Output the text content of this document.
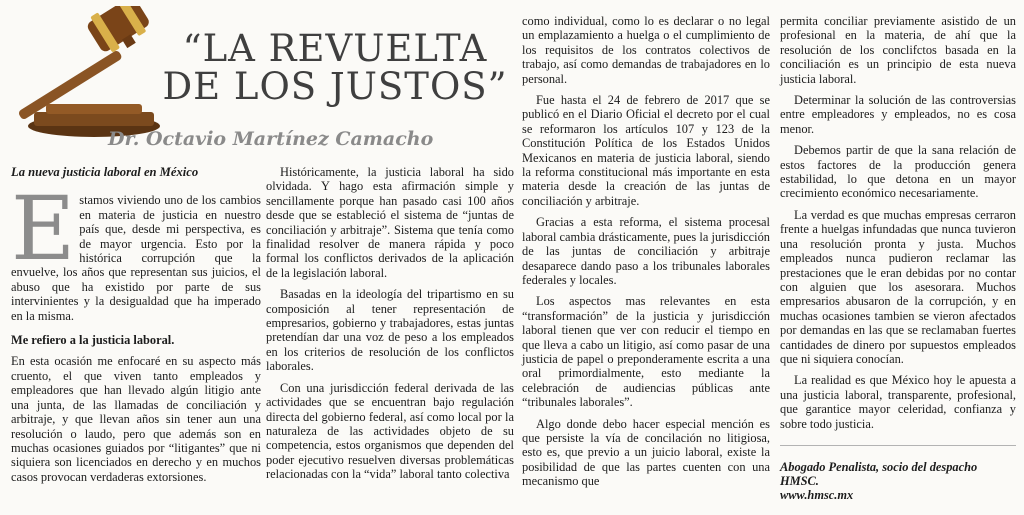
“LA REVUELTA
DE LOS JUSTOS”
Dr. Octavio Martínez Camacho
La nueva justicia laboral en México

Estamos viviendo uno de los cambios en materia de justicia en nuestro país que, desde mi perspectiva, es de mayor urgencia. Esto por la histórica corrupción que la envuelve, los años que representan sus juicios, el abuso que ha existido por parte de sus intervinientes y la desigualdad que ha imperado en la misma.

Me refiero a la justicia laboral.

En esta ocasión me enfocaré en su aspecto más cruento, el que viven tanto empleados y empleadores que han llevado algún litigio ante una junta, de las llamadas de conciliación y arbitraje, y que llevan años sin tener aun una resolución o laudo, pero que además son en muchas ocasiones guiados por “litigantes” que ni siquiera son licenciados en derecho y en muchos casos provocan verdaderas extorsiones.

Históricamente, la justicia laboral ha sido olvidada. Y hago esta afirmación simple y sencillamente porque han pasado casi 100 años desde que se estableció el sistema de “juntas de conciliación y arbitraje”. Sistema que tenía como finalidad resolver de manera rápida y poco formal los conflictos derivados de la aplicación de la legislación laboral.

Basadas en la ideología del tripartismo en su composición al tener representación de empresarios, gobierno y trabajadores, estas juntas pretendían dar una voz de peso a los empleados en los criterios de resolución de los conflictos laborales.

Con una jurisdicción federal derivada de las actividades que se encuentran bajo regulación directa del gobierno federal, así como local por la naturaleza de las actividades objeto de su competencia, estos organismos que dependen del poder ejecutivo resuelven diversas problemáticas relacionadas con la “vida” laboral tanto colectiva

como individual, como lo es declarar o no legal un emplazamiento a huelga o el cumplimiento de los requisitos de los contratos colectivos de trabajo, así como demandas de trabajadores en lo personal.

Fue hasta el 24 de febrero de 2017 que se publicó en el Diario Oficial el decreto por el cual se reformaron los artículos 107 y 123 de la Constitución Política de los Estados Unidos Mexicanos en materia de justicia laboral, siendo la reforma constitucional más importante en esta materia desde la creación de las juntas de conciliación y arbitraje.

Gracias a esta reforma, el sistema procesal laboral cambia drásticamente, pues la jurisdicción de las juntas de conciliación y arbitraje desaparece dando paso a los tribunales laborales federales y locales.

Los aspectos mas relevantes en esta “transformación” de la justicia y jurisdicción laboral tienen que ver con reducir el tiempo en que lleva a cabo un litigio, así como pasar de una justicia de papel o preponderamente escrita a una oral primordialmente, esto mediante la celebración de audiencias públicas ante “tribunales laborales”.

Algo donde debo hacer especial mención es que persiste la vía de concilación no litigiosa, esto es, que previo a un juicio laboral, existe la posibilidad de que las partes cuenten con una mecanismo que

permita conciliar previamente asistido de un profesional en la materia, de ahí que la resolución de los conclifctos basada en la conciliación es un principio de esta nueva justicia laboral.

Determinar la solución de las controversias entre empleadores y empleados, no es cosa menor.

Debemos partir de que la sana relación de estos factores de la producción genera estabilidad, lo que detona en un mayor crecimiento económico necesariamente.

La verdad es que muchas empresas cerraron frente a huelgas infundadas que nunca tuvieron una resolución pronta y justa. Muchos empleados nunca pudieron reclamar las prestaciones que le eran debidas por no contar con alguien que los asesorara. Muchos empresarios abusaron de la corrupción, y en muchas ocasiones tambien se vieron afectados por demandas en las que se reclamaban fuertes cantidades de dinero por supuestos empleados que ni siquiera conocían.

La realidad es que México hoy le apuesta a una justicia laboral, transparente, profesional, que garantice mayor celeridad, confianza y sobre todo justicia.

Abogado Penalista, socio del despacho HMSC.
www.hmsc.mx
